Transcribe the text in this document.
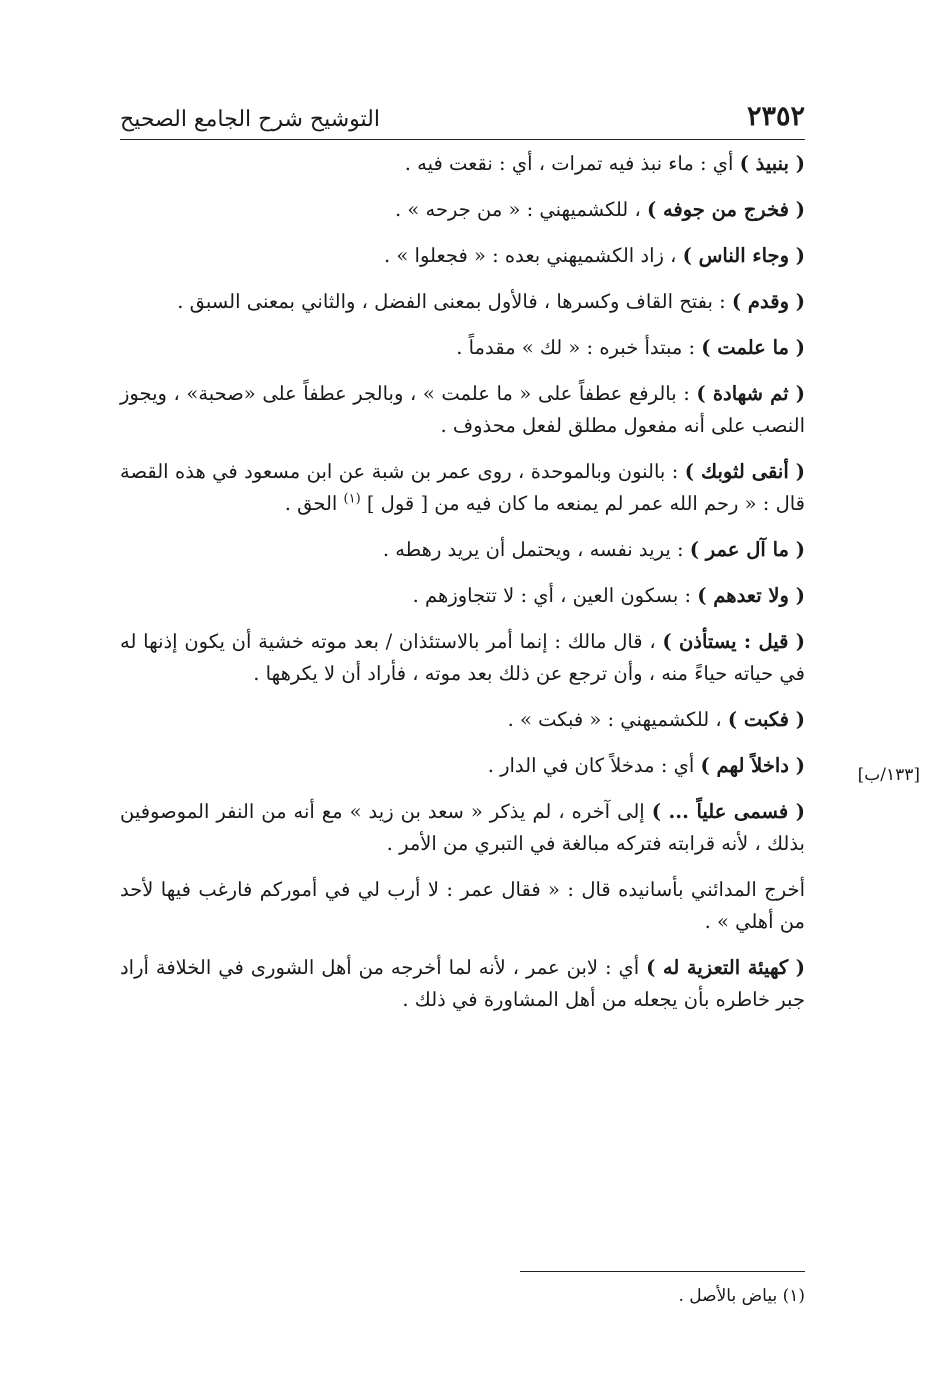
٢٣٥٢
التوشيح شرح الجامع الصحيح
[١٣٣/ب]

( بنبيذ ) أي : ماء نبذ فيه تمرات ، أي : نقعت فيه .

( فخرج من جوفه ) ، للكشميهني : « من جرحه » .

( وجاء الناس ) ، زاد الكشميهني بعده : « فجعلوا » .

( وقدم ) : بفتح القاف وكسرها ، فالأول بمعنى الفضل ، والثاني بمعنى السبق .

( ما علمت ) : مبتدأ خبره : « لك » مقدماً .

( ثم شهادة ) : بالرفع عطفاً على « ما علمت » ، وبالجر عطفاً على «صحبة» ، ويجوز النصب على أنه مفعول مطلق لفعل محذوف .

( أنقى لثوبك ) : بالنون وبالموحدة ، روى عمر بن شبة عن ابن مسعود في هذه القصة قال : « رحم الله عمر لم يمنعه ما كان فيه من [ قول ] $^{(١)}$ الحق .

( ما آل عمر ) : يريد نفسه ، ويحتمل أن يريد رهطه .

( ولا تعدهم ) : بسكون العين ، أي : لا تتجاوزهم .

( قيل : يستأذن ) ، قال مالك : إنما أمر بالاستئذان / بعد موته خشية أن يكون إذنها له في حياته حياءً منه ، وأن ترجع عن ذلك بعد موته ، فأراد أن لا يكرهها .

( فكبت ) ، للكشميهني : « فبكت » .

( داخلاً لهم ) أي : مدخلاً كان في الدار .

( فسمى علياً ... ) إلى آخره ، لم يذكر « سعد بن زيد » مع أنه من النفر الموصوفين بذلك ، لأنه قرابته فتركه مبالغة في التبري من الأمر .

أخرج المدائني بأسانيده قال : « فقال عمر : لا أرب لي في أموركم فارغب فيها لأحد من أهلي » .

( كهيئة التعزية له ) أي : لابن عمر ، لأنه لما أخرجه من أهل الشورى في الخلافة أراد جبر خاطره بأن يجعله من أهل المشاورة في ذلك .

(١) بياض بالأصل .
